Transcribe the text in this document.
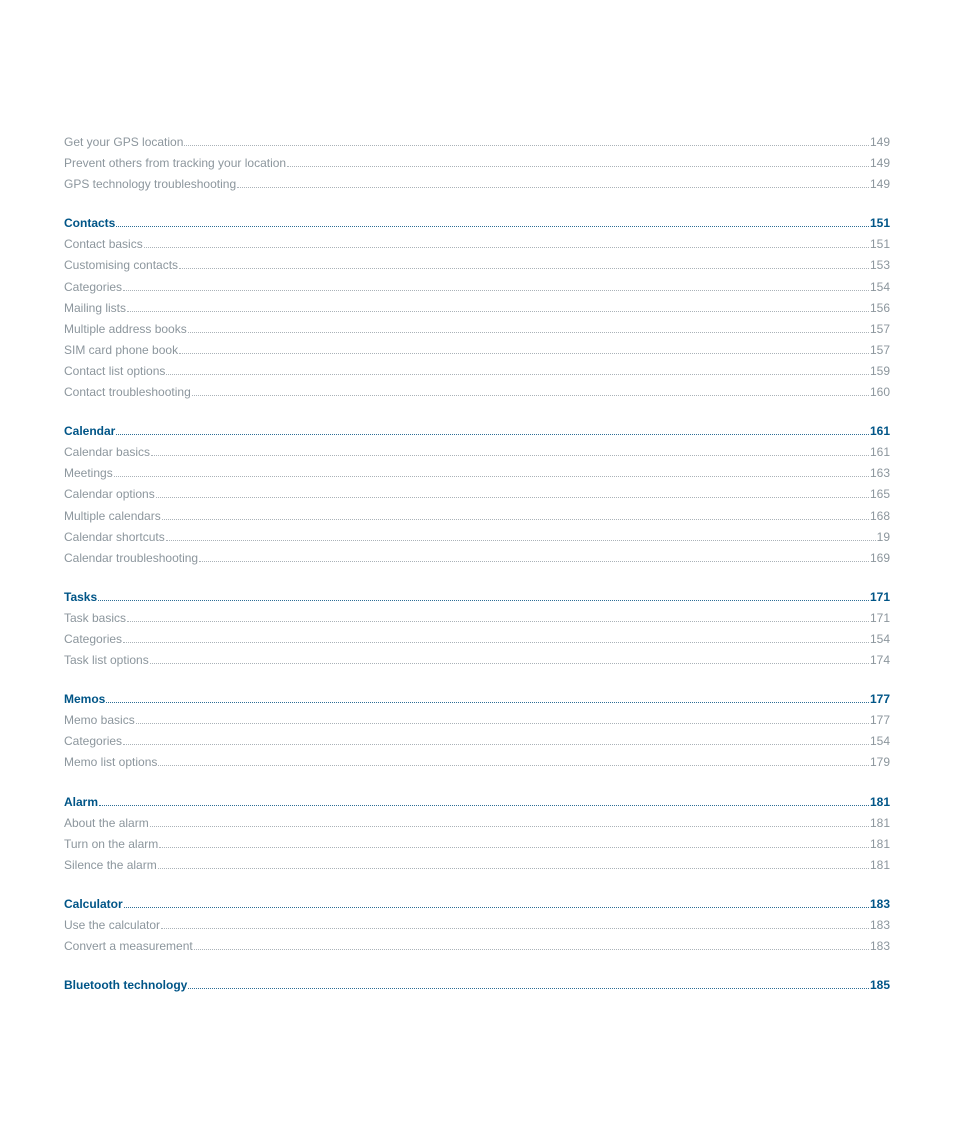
Get your GPS location	149
Prevent others from tracking your location	149
GPS technology troubleshooting	149
Contacts	151
Contact basics	151
Customising contacts	153
Categories	154
Mailing lists	156
Multiple address books	157
SIM card phone book	157
Contact list options	159
Contact troubleshooting	160
Calendar	161
Calendar basics	161
Meetings	163
Calendar options	165
Multiple calendars	168
Calendar shortcuts	19
Calendar troubleshooting	169
Tasks	171
Task basics	171
Categories	154
Task list options	174
Memos	177
Memo basics	177
Categories	154
Memo list options	179
Alarm	181
About the alarm	181
Turn on the alarm	181
Silence the alarm	181
Calculator	183
Use the calculator	183
Convert a measurement	183
Bluetooth technology	185
